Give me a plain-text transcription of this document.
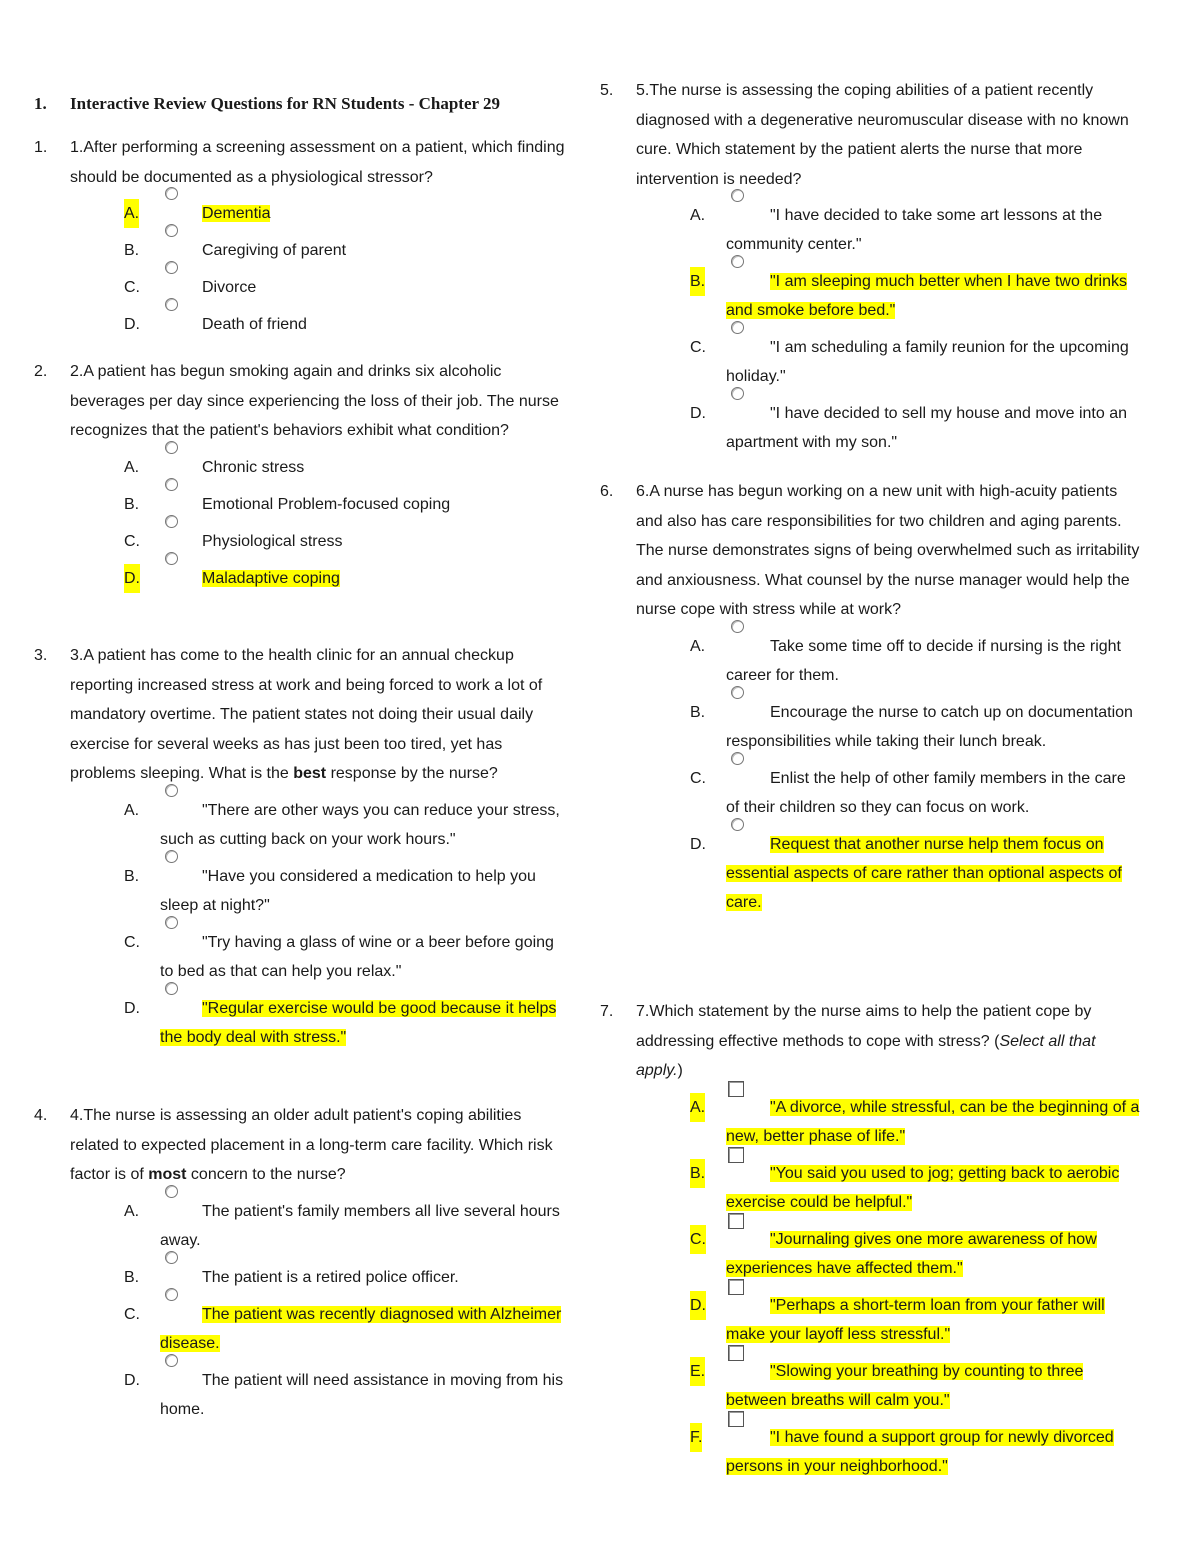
1. Interactive Review Questions for RN Students - Chapter 29
1. 1.After performing a screening assessment on a patient, which finding should be documented as a physiological stressor?
A.	Dementia
B.	Caregiving of parent
C.	Divorce
D.	Death of friend
2. 2.A patient has begun smoking again and drinks six alcoholic beverages per day since experiencing the loss of their job. The nurse recognizes that the patient's behaviors exhibit what condition?
A.	Chronic stress
B.	Emotional Problem-focused coping
C.	Physiological stress
D.	Maladaptive coping
3. 3.A patient has come to the health clinic for an annual checkup reporting increased stress at work and being forced to work a lot of mandatory overtime. The patient states not doing their usual daily exercise for several weeks as has just been too tired, yet has problems sleeping. What is the best response by the nurse?
A.	"There are other ways you can reduce your stress, such as cutting back on your work hours."
B.	"Have you considered a medication to help you sleep at night?"
C.	"Try having a glass of wine or a beer before going to bed as that can help you relax."
D.	"Regular exercise would be good because it helps the body deal with stress."
4. 4.The nurse is assessing an older adult patient's coping abilities related to expected placement in a long-term care facility. Which risk factor is of most concern to the nurse?
A.	The patient's family members all live several hours away.
B.	The patient is a retired police officer.
C.	The patient was recently diagnosed with Alzheimer disease.
D.	The patient will need assistance in moving from his home.
5. 5.The nurse is assessing the coping abilities of a patient recently diagnosed with a degenerative neuromuscular disease with no known cure. Which statement by the patient alerts the nurse that more intervention is needed?
A.	"I have decided to take some art lessons at the community center."
B.	"I am sleeping much better when I have two drinks and smoke before bed."
C.	"I am scheduling a family reunion for the upcoming holiday."
D.	"I have decided to sell my house and move into an apartment with my son."
6. 6.A nurse has begun working on a new unit with high-acuity patients and also has care responsibilities for two children and aging parents. The nurse demonstrates signs of being overwhelmed such as irritability and anxiousness. What counsel by the nurse manager would help the nurse cope with stress while at work?
A.	Take some time off to decide if nursing is the right career for them.
B.	Encourage the nurse to catch up on documentation responsibilities while taking their lunch break.
C.	Enlist the help of other family members in the care of their children so they can focus on work.
D.	Request that another nurse help them focus on essential aspects of care rather than optional aspects of care.
7. 7.Which statement by the nurse aims to help the patient cope by addressing effective methods to cope with stress? (Select all that apply.)
A.	"A divorce, while stressful, can be the beginning of a new, better phase of life."
B.	"You said you used to jog; getting back to aerobic exercise could be helpful."
C.	"Journaling gives one more awareness of how experiences have affected them."
D.	"Perhaps a short-term loan from your father will make your layoff less stressful."
E.	"Slowing your breathing by counting to three between breaths will calm you."
F.	"I have found a support group for newly divorced persons in your neighborhood."
